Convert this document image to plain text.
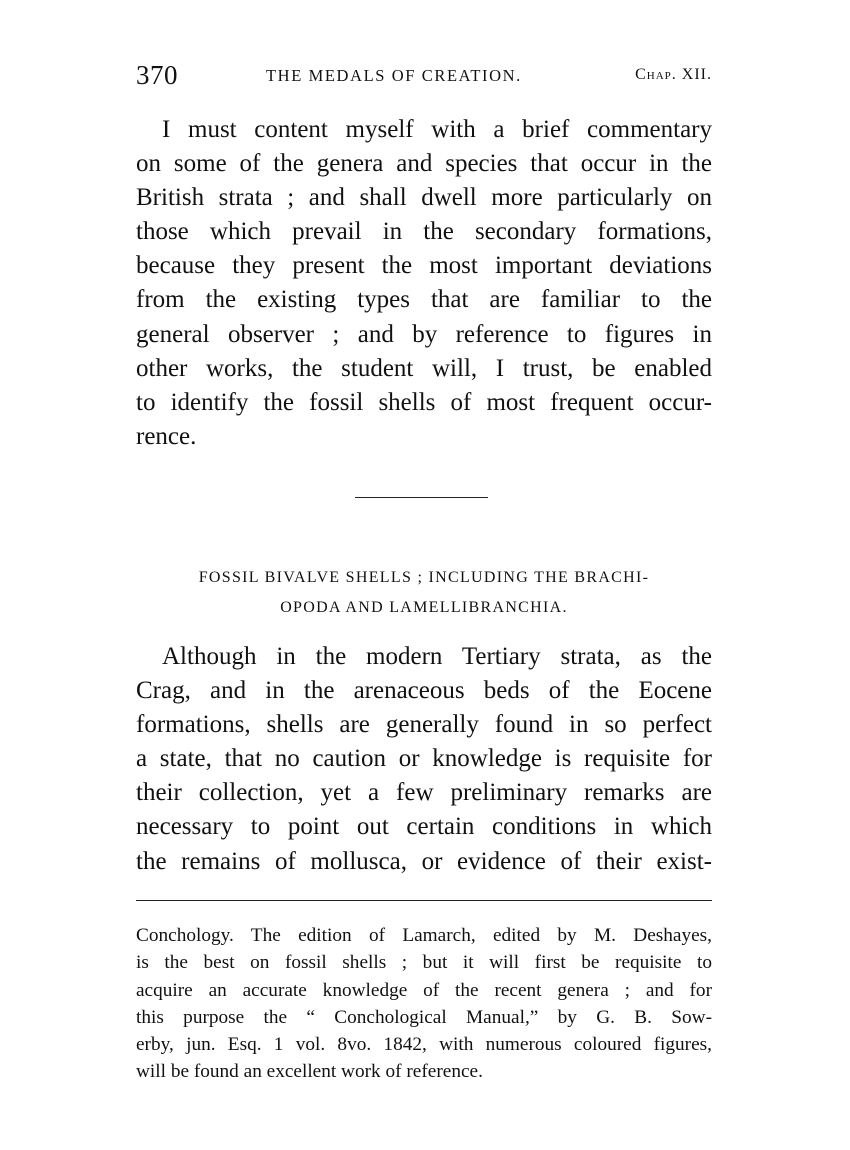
370	THE MEDALS OF CREATION.	Chap. XII.

I must content myself with a brief commentary
on some of the genera and species that occur in the
British strata ; and shall dwell more particularly on
those which prevail in the secondary formations,
because they present the most important deviations
from the existing types that are familiar to the
general observer ; and by reference to figures in
other works, the student will, I trust, be enabled
to identify the fossil shells of most frequent occur-
rence.

FOSSIL BIVALVE SHELLS ; INCLUDING THE BRACHI-
OPODA AND LAMELLIBRANCHIA.

Although in the modern Tertiary strata, as the
Crag, and in the arenaceous beds of the Eocene
formations, shells are generally found in so perfect
a state, that no caution or knowledge is requisite for
their collection, yet a few preliminary remarks are
necessary to point out certain conditions in which
the remains of mollusca, or evidence of their exist-

Conchology. The edition of Lamarch, edited by M. Deshayes,
is the best on fossil shells ; but it will first be requisite to
acquire an accurate knowledge of the recent genera ; and for
this purpose the “ Conchological Manual,” by G. B. Sow-
erby, jun. Esq. 1 vol. 8vo. 1842, with numerous coloured figures,
will be found an excellent work of reference.
